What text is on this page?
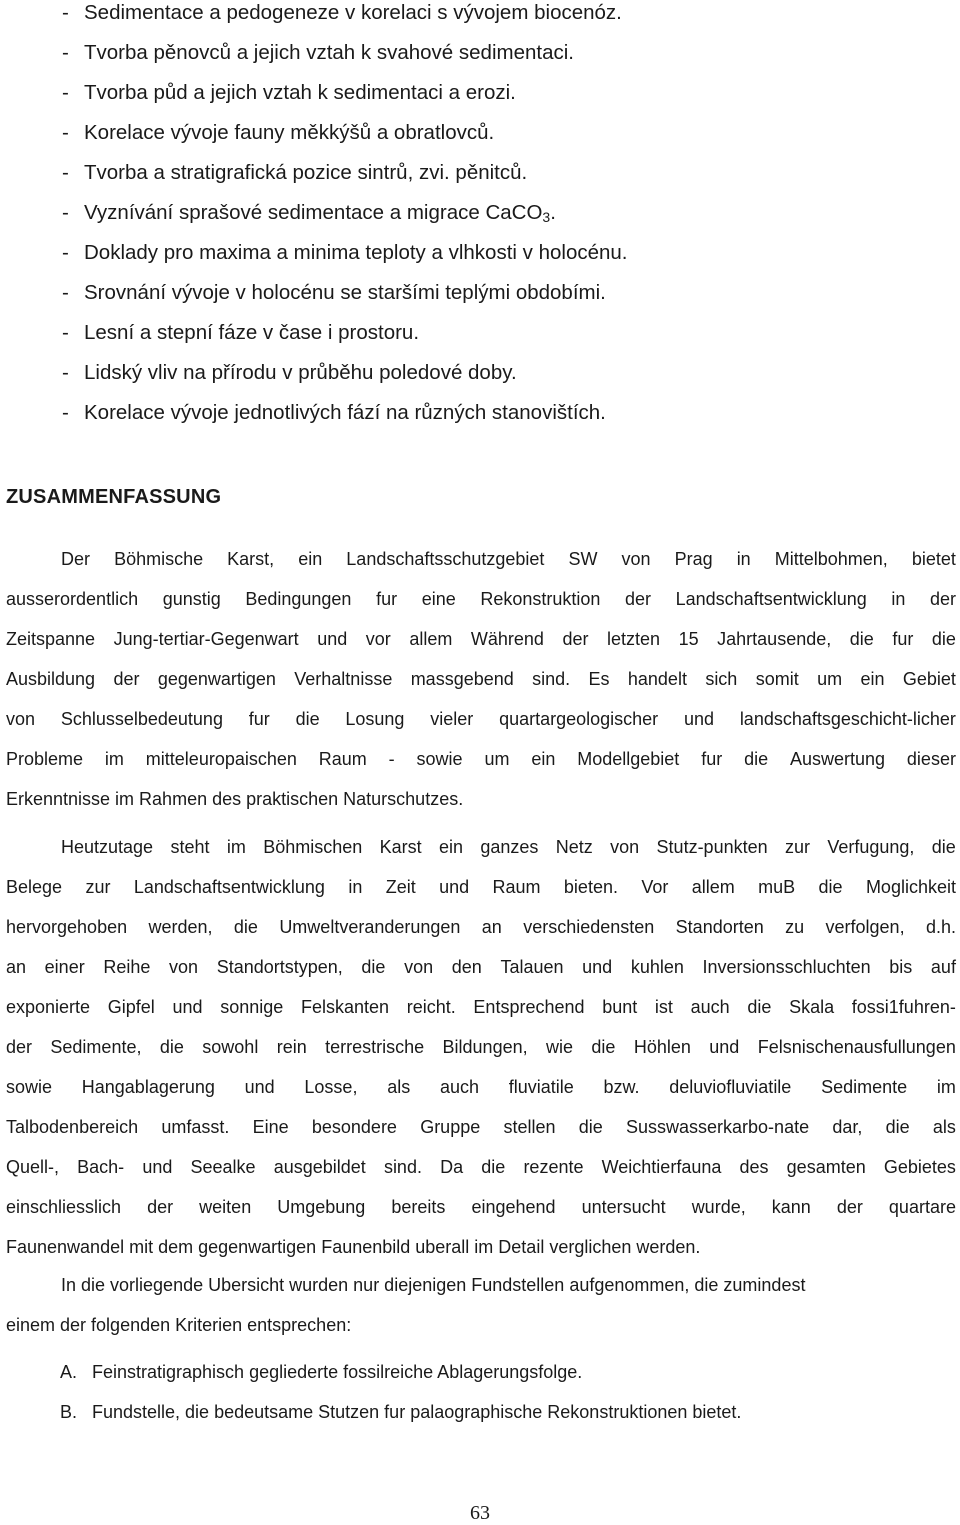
- Sedimentace a pedogeneze v korelaci s vývojem biocenóz.
- Tvorba pěnovců a jejich vztah k svahové sedimentaci.
- Tvorba půd a jejich vztah k sedimentaci a erozi.
- Korelace vývoje fauny měkkýšů a obratlovců.
- Tvorba a stratigrafická pozice sintrů, zvi. pěnitců.
- Vyznívání sprašové sedimentace a migrace CaCO$_3$.
- Doklady pro maxima a minima teploty a vlhkosti v holocénu.
- Srovnání vývoje v holocénu se staršími teplými obdobími.
- Lesní a stepní fáze v čase i prostoru.
- Lidský vliv na přírodu v průběhu poledové doby.
- Korelace vývoje jednotlivých fází na různých stanovištích.
ZUSAMMENFASSUNG
Der Böhmische Karst, ein Landschaftsschutzgebiet SW von Prag in Mittelbohmen, bietet
ausserordentlich gunstig Bedingungen fur eine Rekonstruktion der Landschaftsentwicklung in der
Zeitspanne Jung-tertiar-Gegenwart und vor allem Während der letzten 15 Jahrtausende, die fur die
Ausbildung der gegenwartigen Verhaltnisse massgebend sind. Es handelt sich somit um ein Gebiet
von Schlusselbedeutung fur die Losung vieler quartargeologischer und landschaftsgeschicht-licher
Probleme im mitteleuropaischen Raum - sowie um ein Modellgebiet fur die Auswertung dieser
Erkenntnisse im Rahmen des praktischen Naturschutzes.
Heutzutage steht im Böhmischen Karst ein ganzes Netz von Stutz-punkten zur Verfugung, die
Belege zur Landschaftsentwicklung in Zeit und Raum bieten. Vor allem muB die Moglichkeit
hervorgehoben werden, die Umweltveranderungen an verschiedensten Standorten zu verfolgen, d.h.
an einer Reihe von Standortstypen, die von den Talauen und kuhlen Inversionsschluchten bis auf
exponierte Gipfel und sonnige Felskanten reicht. Entsprechend bunt ist auch die Skala fossi1fuhren-
der Sedimente, die sowohl rein terrestrische Bildungen, wie die Höhlen und Felsnischenausfullungen
sowie Hangablagerung und Losse, als auch fluviatile bzw. deluviofluviatile Sedimente im
Talbodenbereich umfasst. Eine besondere Gruppe stellen die Susswasserkarbo-nate dar, die als
Quell-, Bach- und Seealke ausgebildet sind. Da die rezente Weichtierfauna des gesamten Gebietes
einschliesslich der weiten Umgebung bereits eingehend untersucht wurde, kann der quartare
Faunenwandel mit dem gegenwartigen Faunenbild uberall im Detail verglichen werden.
In die vorliegende Ubersicht wurden nur diejenigen Fundstellen aufgenommen, die zumindest
einem der folgenden Kriterien entsprechen:
A. Feinstratigraphisch gegliederte fossilreiche Ablagerungsfolge.
B. Fundstelle, die bedeutsame Stutzen fur palaographische Rekonstruktionen bietet.
63
